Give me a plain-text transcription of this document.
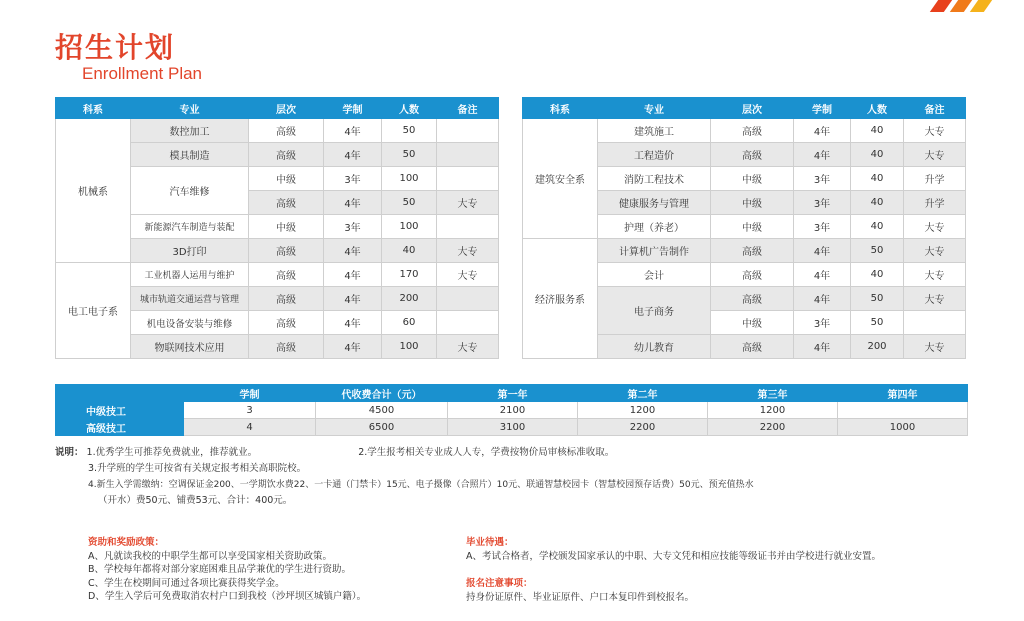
招生计划
Enrollment Plan
科系	专业	层次	学制	人数	备注
机械系	数控加工	高级	4年	50	
	模具制造	高级	4年	50	
	汽车维修	中级	3年	100	
		高级	4年	50	大专
	新能源汽车制造与装配	中级	3年	100	
	3D打印	高级	4年	40	大专
电工电子系	工业机器人运用与维护	高级	4年	170	大专
	城市轨道交通运营与管理	高级	4年	200	
	机电设备安装与维修	高级	4年	60	
	物联网技术应用	高级	4年	100	大专
科系	专业	层次	学制	人数	备注
建筑安全系	建筑施工	高级	4年	40	大专
	工程造价	高级	4年	40	大专
	消防工程技术	中级	3年	40	升学
	健康服务与管理	中级	3年	40	升学
	护理（养老）	中级	3年	40	大专
经济服务系	计算机广告制作	高级	4年	50	大专
	会计	高级	4年	40	大专
	电子商务	高级	4年	50	大专
		中级	3年	50	
	幼儿教育	高级	4年	200	大专
	学制	代收费合计（元）	第一年	第二年	第三年	第四年
中级技工	3	4500	2100	1200	1200	
高级技工	4	6500	3100	2200	2200	1000
说明： 1.优秀学生可推荐免费就业，推荐就业。	2.学生报考相关专业成人人专，学费按物价局审核标准收取。
3.升学班的学生可按省有关规定报考相关高职院校。
4.新生入学需缴纳：空调保证金200、一学期饮水费22、一卡通（门禁卡）15元、电子摄像（合照片）10元、联通智慧校园卡（智慧校园预存话费）50元、预充值热水
（开水）费50元、铺费53元、合计：400元。
资助和奖励政策：
A、凡就读我校的中职学生都可以享受国家相关资助政策。
B、学校每年都将对部分家庭困难且品学兼优的学生进行资助。
C、学生在校期间可通过各项比赛获得奖学金。
D、学生入学后可免费取消农村户口到我校（沙坪坝区城镇户籍）。
毕业待遇：
A、考试合格者，学校颁发国家承认的中职、大专文凭和相应技能等级证书并由学校进行就业安置。
报名注意事项：
持身份证原件、毕业证原件、户口本复印件到校报名。
